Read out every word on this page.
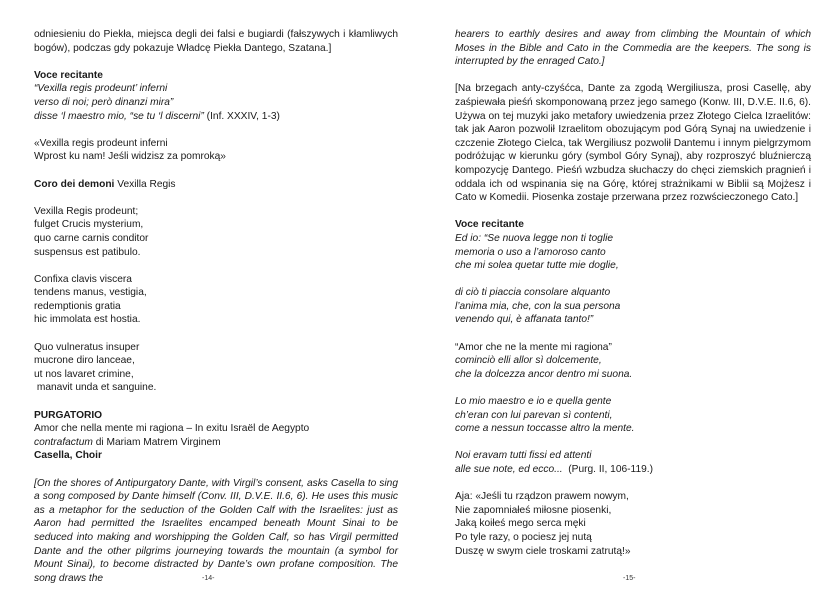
odniesieniu do Piekła, miejsca degli dei falsi e bugiardi (fałszywych i kłamliwych bogów), podczas gdy pokazuje Władcę Piekła Dantego, Szatana.]

Voce recitante

“Vexilla regis prodeunt’ inferni

verso di noi; però dinanzi mira”

disse ‘l maestro mio, “se tu ‘l discerni” (Inf. XXXIV, 1-3)

«Vexilla regis prodeunt inferni

Wprost ku nam! Jeśli widzisz za pomroką»

Coro dei demoni Vexilla Regis

Vexilla Regis prodeunt;

fulget Crucis mysterium,

quo carne carnis conditor

suspensus est patibulo.

Confixa clavis viscera

tendens manus, vestigia,

redemptionis gratia

hic immolata est hostia.

Quo vulneratus insuper

mucrone diro lanceae,

ut nos lavaret crimine,

manavit unda et sanguine.

PURGATORIO

Amor che nella mente mi ragiona – In exitu Israël de Aegypto

contrafactum di Mariam Matrem Virginem

Casella, Choir

[On the shores of Antipurgatory Dante, with Virgil’s consent, asks Casella to sing a song composed by Dante himself (Conv. III, D.V.E. II.6, 6). He uses this music as a metaphor for the seduction of the Golden Calf with the Israelites: just as Aaron had permitted the Israelites encamped beneath Mount Sinai to be seduced into making and worshipping the Golden Calf, so has Virgil permitted Dante and the other pilgrims journeying towards the mountain (a symbol for Mount Sinai), to become distracted by Dante’s own profane composition. The song draws the	-14-

hearers to earthly desires and away from climbing the Mountain of which Moses in the Bible and Cato in the Commedia are the keepers. The song is interrupted by the enraged Cato.]

[Na brzegach anty-czyśćca, Dante za zgodą Wergiliusza, prosi Casellę, aby zaśpiewała pieśń skomponowaną przez jego samego (Konw. III, D.V.E. II.6, 6). Używa on tej muzyki jako metafory uwiedzenia przez Złotego Cielca Izraelitów: tak jak Aaron pozwolił Izraelitom obozującym pod Górą Synaj na uwiedzenie i czczenie Złotego Cielca, tak Wergiliusz pozwolił Dantemu i innym pielgrzymom podróżując w kierunku góry (symbol Góry Synaj), aby rozproszyć bluźnierczą kompozycję Dantego. Pieśń wzbudza słuchaczy do chęci ziemskich pragnień i oddala ich od wspinania się na Górę, której strażnikami w Biblii są Mojżesz i Cato w Komedii. Piosenka zostaje przerwana przez rozwścieczonego Cato.]

Voce recitante

Ed io: “Se nuova legge non ti toglie

memoria o uso a l’amoroso canto

che mi solea quetar tutte mie doglie,

di ciò ti piaccia consolare alquanto

l’anima mia, che, con la sua persona

venendo qui, è affanata tanto!”

“Amor che ne la mente mi ragiona”

cominciò elli allor sì dolcemente,

che la dolcezza ancor dentro mi suona.

Lo mio maestro e io e quella gente

ch’eran con lui parevan sì contenti,

come a nessun toccasse altro la mente.

Noi eravam tutti fissi ed attenti

alle sue note, ed ecco...  (Purg. II, 106-119.)

Aja: «Jeśli tu rządzon prawem nowym,

Nie zapomniałeś miłosne piosenki,

Jaką koiłeś mego serca męki

Po tyle razy, o pociesz jej nutą

Duszę w swym ciele troskami zatrutą!»

-15-
